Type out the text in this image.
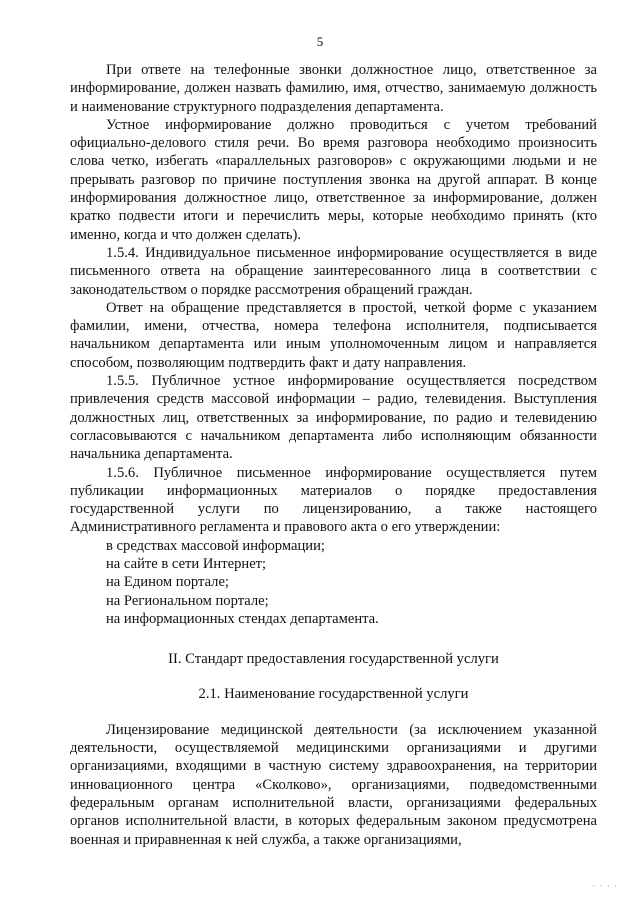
5

При ответе на телефонные звонки должностное лицо, ответственное за информирование, должен назвать фамилию, имя, отчество, занимаемую должность и наименование структурного подразделения департамента.

Устное информирование должно проводиться с учетом требований официально-делового стиля речи. Во время разговора необходимо произносить слова четко, избегать «параллельных разговоров» с окружающими людьми и не прерывать разговор по причине поступления звонка на другой аппарат. В конце информирования должностное лицо, ответственное за информирование, должен кратко подвести итоги и перечислить меры, которые необходимо принять (кто именно, когда и что должен сделать).

1.5.4. Индивидуальное письменное информирование осуществляется в виде письменного ответа на обращение заинтересованного лица в соответствии с законодательством о порядке рассмотрения обращений граждан.

Ответ на обращение представляется в простой, четкой форме с указанием фамилии, имени, отчества, номера телефона исполнителя, подписывается начальником департамента или иным уполномоченным лицом и направляется способом, позволяющим подтвердить факт и дату направления.

1.5.5. Публичное устное информирование осуществляется посредством привлечения средств массовой информации – радио, телевидения. Выступления должностных лиц, ответственных за информирование, по радио и телевидению согласовываются с начальником департамента либо исполняющим обязанности начальника департамента.

1.5.6. Публичное письменное информирование осуществляется путем публикации информационных материалов о порядке предоставления государственной услуги по лицензированию, а также настоящего Административного регламента и правового акта о его утверждении:

в средствах массовой информации;

на сайте в сети Интернет;

на Едином портале;

на Региональном портале;

на информационных стендах департамента.

II. Стандарт предоставления государственной услуги

2.1. Наименование государственной услуги

Лицензирование медицинской деятельности (за исключением указанной деятельности, осуществляемой медицинскими организациями и другими организациями, входящими в частную систему здравоохранения, на территории инновационного центра «Сколково», организациями, подведомственными федеральным органам исполнительной власти, организациями федеральных органов исполнительной власти, в которых федеральным законом предусмотрена военная и приравненная к ней служба, а также организациями,

· · · ·
